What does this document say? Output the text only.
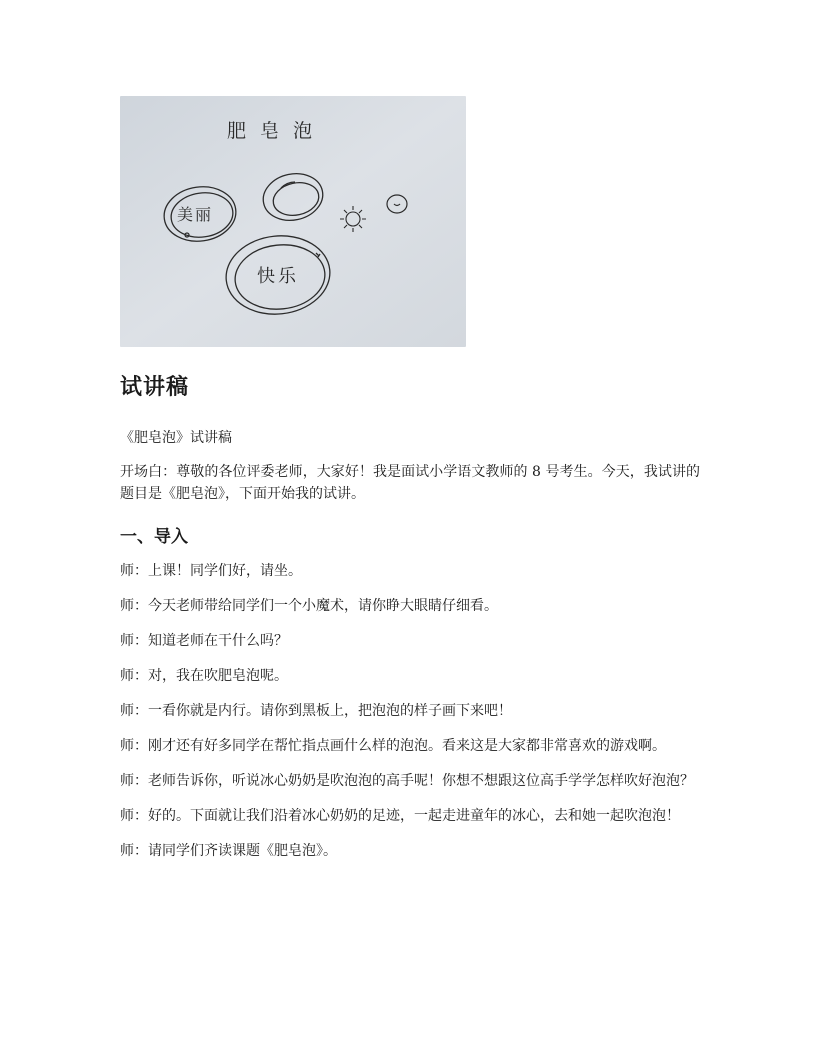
肥皂泡
美丽
快乐
试讲稿

《肥皂泡》试讲稿

开场白：尊敬的各位评委老师，大家好！我是面试小学语文教师的 8 号考生。今天，我试讲的题目是《肥皂泡》，下面开始我的试讲。

一、导入

师：上课！同学们好，请坐。

师：今天老师带给同学们一个小魔术，请你睁大眼睛仔细看。

师：知道老师在干什么吗？

师：对，我在吹肥皂泡呢。

师：一看你就是内行。请你到黑板上，把泡泡的样子画下来吧！

师：刚才还有好多同学在帮忙指点画什么样的泡泡。看来这是大家都非常喜欢的游戏啊。

师：老师告诉你，听说冰心奶奶是吹泡泡的高手呢！你想不想跟这位高手学学怎样吹好泡泡？

师：好的。下面就让我们沿着冰心奶奶的足迹，一起走进童年的冰心，去和她一起吹泡泡！

师：请同学们齐读课题《肥皂泡》。
